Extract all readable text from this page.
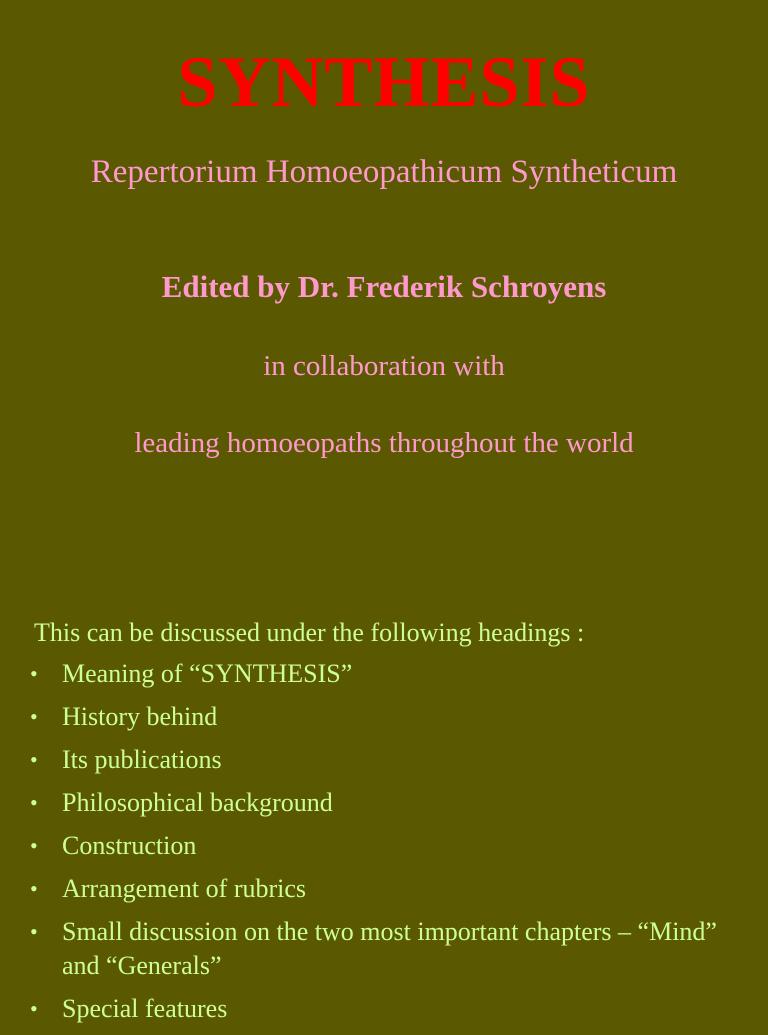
SYNTHESIS
Repertorium Homoeopathicum Syntheticum
Edited by Dr. Frederik Schroyens
in collaboration with
leading homoeopaths throughout the world
This can be discussed under the following headings :
• Meaning of “SYNTHESIS”
• History behind
• Its publications
• Philosophical background
• Construction
• Arrangement of rubrics
• Small discussion on the two most important chapters – “Mind” and “Generals”
• Special features
